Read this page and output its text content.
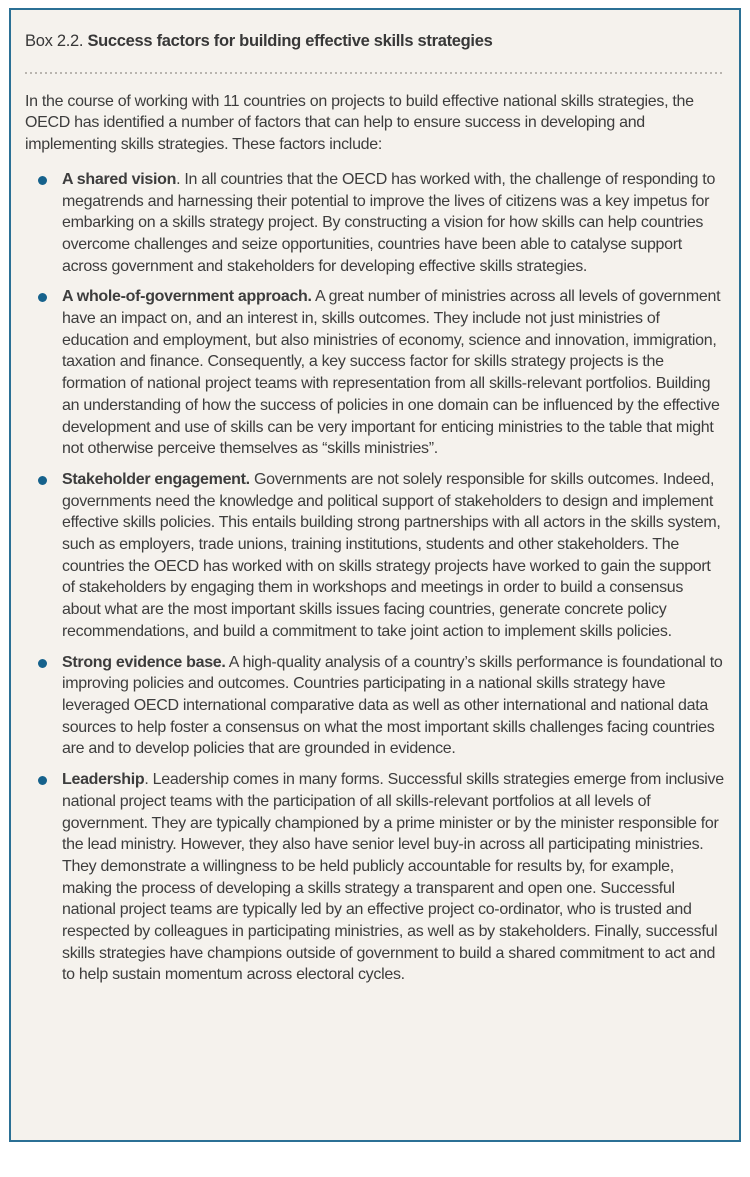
Box 2.2. Success factors for building effective skills strategies

In the course of working with 11 countries on projects to build effective national skills strategies, the OECD has identified a number of factors that can help to ensure success in developing and implementing skills strategies. These factors include:

A shared vision. In all countries that the OECD has worked with, the challenge of responding to megatrends and harnessing their potential to improve the lives of citizens was a key impetus for embarking on a skills strategy project. By constructing a vision for how skills can help countries overcome challenges and seize opportunities, countries have been able to catalyse support across government and stakeholders for developing effective skills strategies.
A whole-of-government approach. A great number of ministries across all levels of government have an impact on, and an interest in, skills outcomes. They include not just ministries of education and employment, but also ministries of economy, science and innovation, immigration, taxation and finance. Consequently, a key success factor for skills strategy projects is the formation of national project teams with representation from all skills-relevant portfolios. Building an understanding of how the success of policies in one domain can be influenced by the effective development and use of skills can be very important for enticing ministries to the table that might not otherwise perceive themselves as “skills ministries”.
Stakeholder engagement. Governments are not solely responsible for skills outcomes. Indeed, governments need the knowledge and political support of stakeholders to design and implement effective skills policies. This entails building strong partnerships with all actors in the skills system, such as employers, trade unions, training institutions, students and other stakeholders. The countries the OECD has worked with on skills strategy projects have worked to gain the support of stakeholders by engaging them in workshops and meetings in order to build a consensus about what are the most important skills issues facing countries, generate concrete policy recommendations, and build a commitment to take joint action to implement skills policies.
Strong evidence base. A high-quality analysis of a country’s skills performance is foundational to improving policies and outcomes. Countries participating in a national skills strategy have leveraged OECD international comparative data as well as other international and national data sources to help foster a consensus on what the most important skills challenges facing countries are and to develop policies that are grounded in evidence.
Leadership. Leadership comes in many forms. Successful skills strategies emerge from inclusive national project teams with the participation of all skills-relevant portfolios at all levels of government. They are typically championed by a prime minister or by the minister responsible for the lead ministry. However, they also have senior level buy-in across all participating ministries. They demonstrate a willingness to be held publicly accountable for results by, for example, making the process of developing a skills strategy a transparent and open one. Successful national project teams are typically led by an effective project co-ordinator, who is trusted and respected by colleagues in participating ministries, as well as by stakeholders. Finally, successful skills strategies have champions outside of government to build a shared commitment to act and to help sustain momentum across electoral cycles.
